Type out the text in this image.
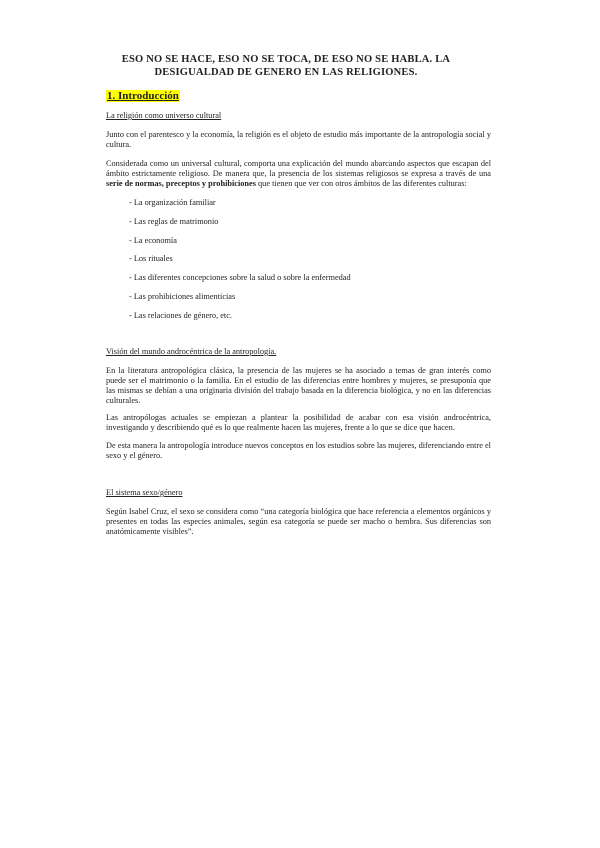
ESO NO SE HACE, ESO NO SE TOCA, DE ESO NO SE HABLA. LA DESIGUALDAD DE GENERO EN LAS RELIGIONES.
1. Introducción
La religión como universo cultural
Junto con el parentesco y la economía, la religión es el objeto de estudio más importante de la antropología social y cultura.
Considerada como un universal cultural, comporta una explicación del mundo abarcando aspectos que escapan del ámbito estrictamente religioso. De manera que, la presencia de los sistemas religiosos se expresa a través de una serie de normas, preceptos y prohibiciones que tienen que ver con otros ámbitos de las diferentes culturas:
- La organización familiar
- Las reglas de matrimonio
- La economía
- Los rituales
- Las diferentes concepciones sobre la salud o sobre la enfermedad
- Las prohibiciones alimenticias
- Las relaciones de género, etc.
Visión del mundo androcéntrica de la antropología.
En la literatura antropológica clásica, la presencia de las mujeres se ha asociado a temas de gran interés como puede ser el matrimonio o la familia. En el estudio de las diferencias entre hombres y mujeres, se presuponía que las mismas se debían a una originaria división del trabajo basada en la diferencia biológica, y no en las diferencias culturales.
Las antropólogas actuales se empiezan a plantear la posibilidad de acabar con esa visión androcéntrica, investigando y describiendo qué es lo que realmente hacen las mujeres, frente a lo que se dice que hacen.
De esta manera la antropología introduce nuevos conceptos en los estudios sobre las mujeres, diferenciando entre el sexo y el género.
El sistema sexo/género
Según Isabel Cruz, el sexo se considera como “una categoría biológica que hace referencia a elementos orgánicos y presentes en todas las especies animales, según esa categoría se puede ser macho o hembra. Sus diferencias son anatómicamente visibles”.
